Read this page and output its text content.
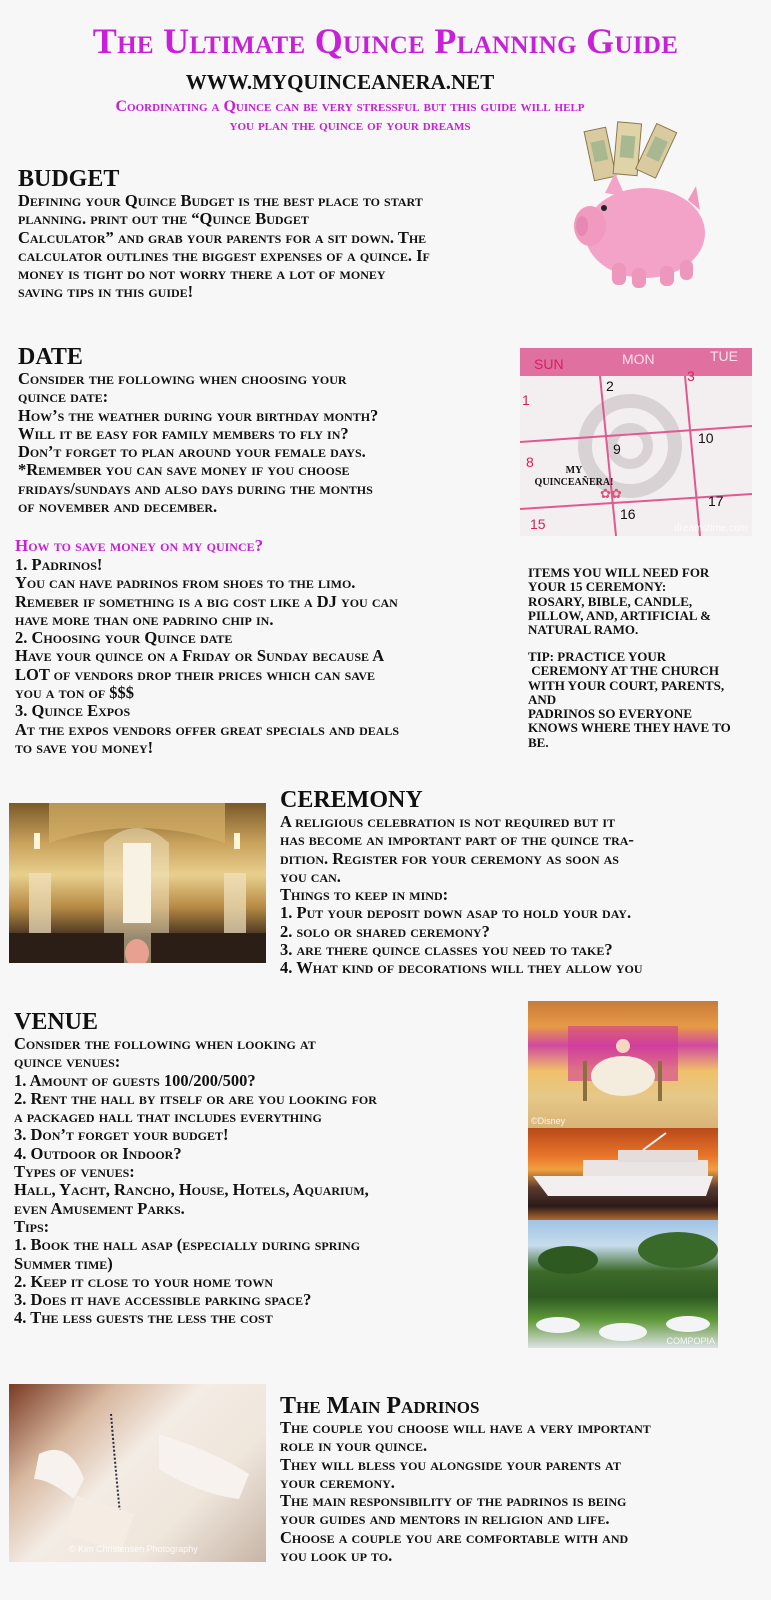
The Ultimate Quince Planning Guide
WWW.MYQUINCEANERA.NET
Coordinating a Quince can be very stressful but this guide will help
you plan the quince of your dreams
BUDGET
Defining your Quince Budget is the best place to start
planning. print out the “Quince Budget
Calculator” and grab your parents for a sit down. The
calculator outlines the biggest expenses of a quince. If
money is tight do not worry there a lot of money
saving tips in this guide!
DATE
Consider the following when choosing your
quince date:
How’s the weather during your birthday month?
Will it be easy for family members to fly in?
Don’t forget to plan around your female days.
*Remember you can save money if you choose
fridays/sundays and also days during the months
of november and december.
SUN	MON	TUE
1
2
3
8
9
10
15
16
17
MY
QUINCEAÑERA!
✿✿
dreamstime.com
How to save money on my quince?
1. Padrinos!
You can have padrinos from shoes to the limo.
Remeber if something is a big cost like a DJ you can
have more than one padrino chip in.
2. Choosing your Quince date
Have your quince on a Friday or Sunday because A
LOT of vendors drop their prices which can save
you a ton of $$$
3. Quince Expos
At the expos vendors offer great specials and deals
to save you money!
ITEMS YOU WILL NEED FOR
YOUR 15 CEREMONY:
ROSARY, BIBLE, CANDLE,
PILLOW, AND, ARTIFICIAL &
NATURAL RAMO.
TIP: PRACTICE YOUR
CEREMONY AT THE CHURCH
WITH YOUR COURT, PARENTS,
AND
PADRINOS SO EVERYONE
KNOWS WHERE THEY HAVE TO
BE.
CEREMONY
A religious celebration is not required but it
has become an important part of the quince tra-
dition. Register for your ceremony as soon as
you can.
Things to keep in mind:
1. Put your deposit down asap to hold your day.
2. solo or shared ceremony?
3. are there quince classes you need to take?
4. What kind of decorations will they allow you
VENUE
Consider the following when looking at
quince venues:
1. Amount of guests 100/200/500?
2. Rent the hall by itself or are you looking for
a packaged hall that includes everything
3. Don’t forget your budget!
4. Outdoor or Indoor?
Types of venues:
Hall, Yacht, Rancho, House, Hotels, Aquarium,
even Amusement Parks.
Tips:
1. Book the hall asap (especially during spring
Summer time)
2. Keep it close to your home town
3. Does it have accessible parking space?
4. The less guests the less the cost
©Disney
COMPOPIA
© Kim Christensen Photography
The Main Padrinos
The couple you choose will have a very important
role in your quince.
They will bless you alongside your parents at
your ceremony.
The main responsibility of the padrinos is being
your guides and mentors in religion and life.
Choose a couple you are comfortable with and
you look up to.
